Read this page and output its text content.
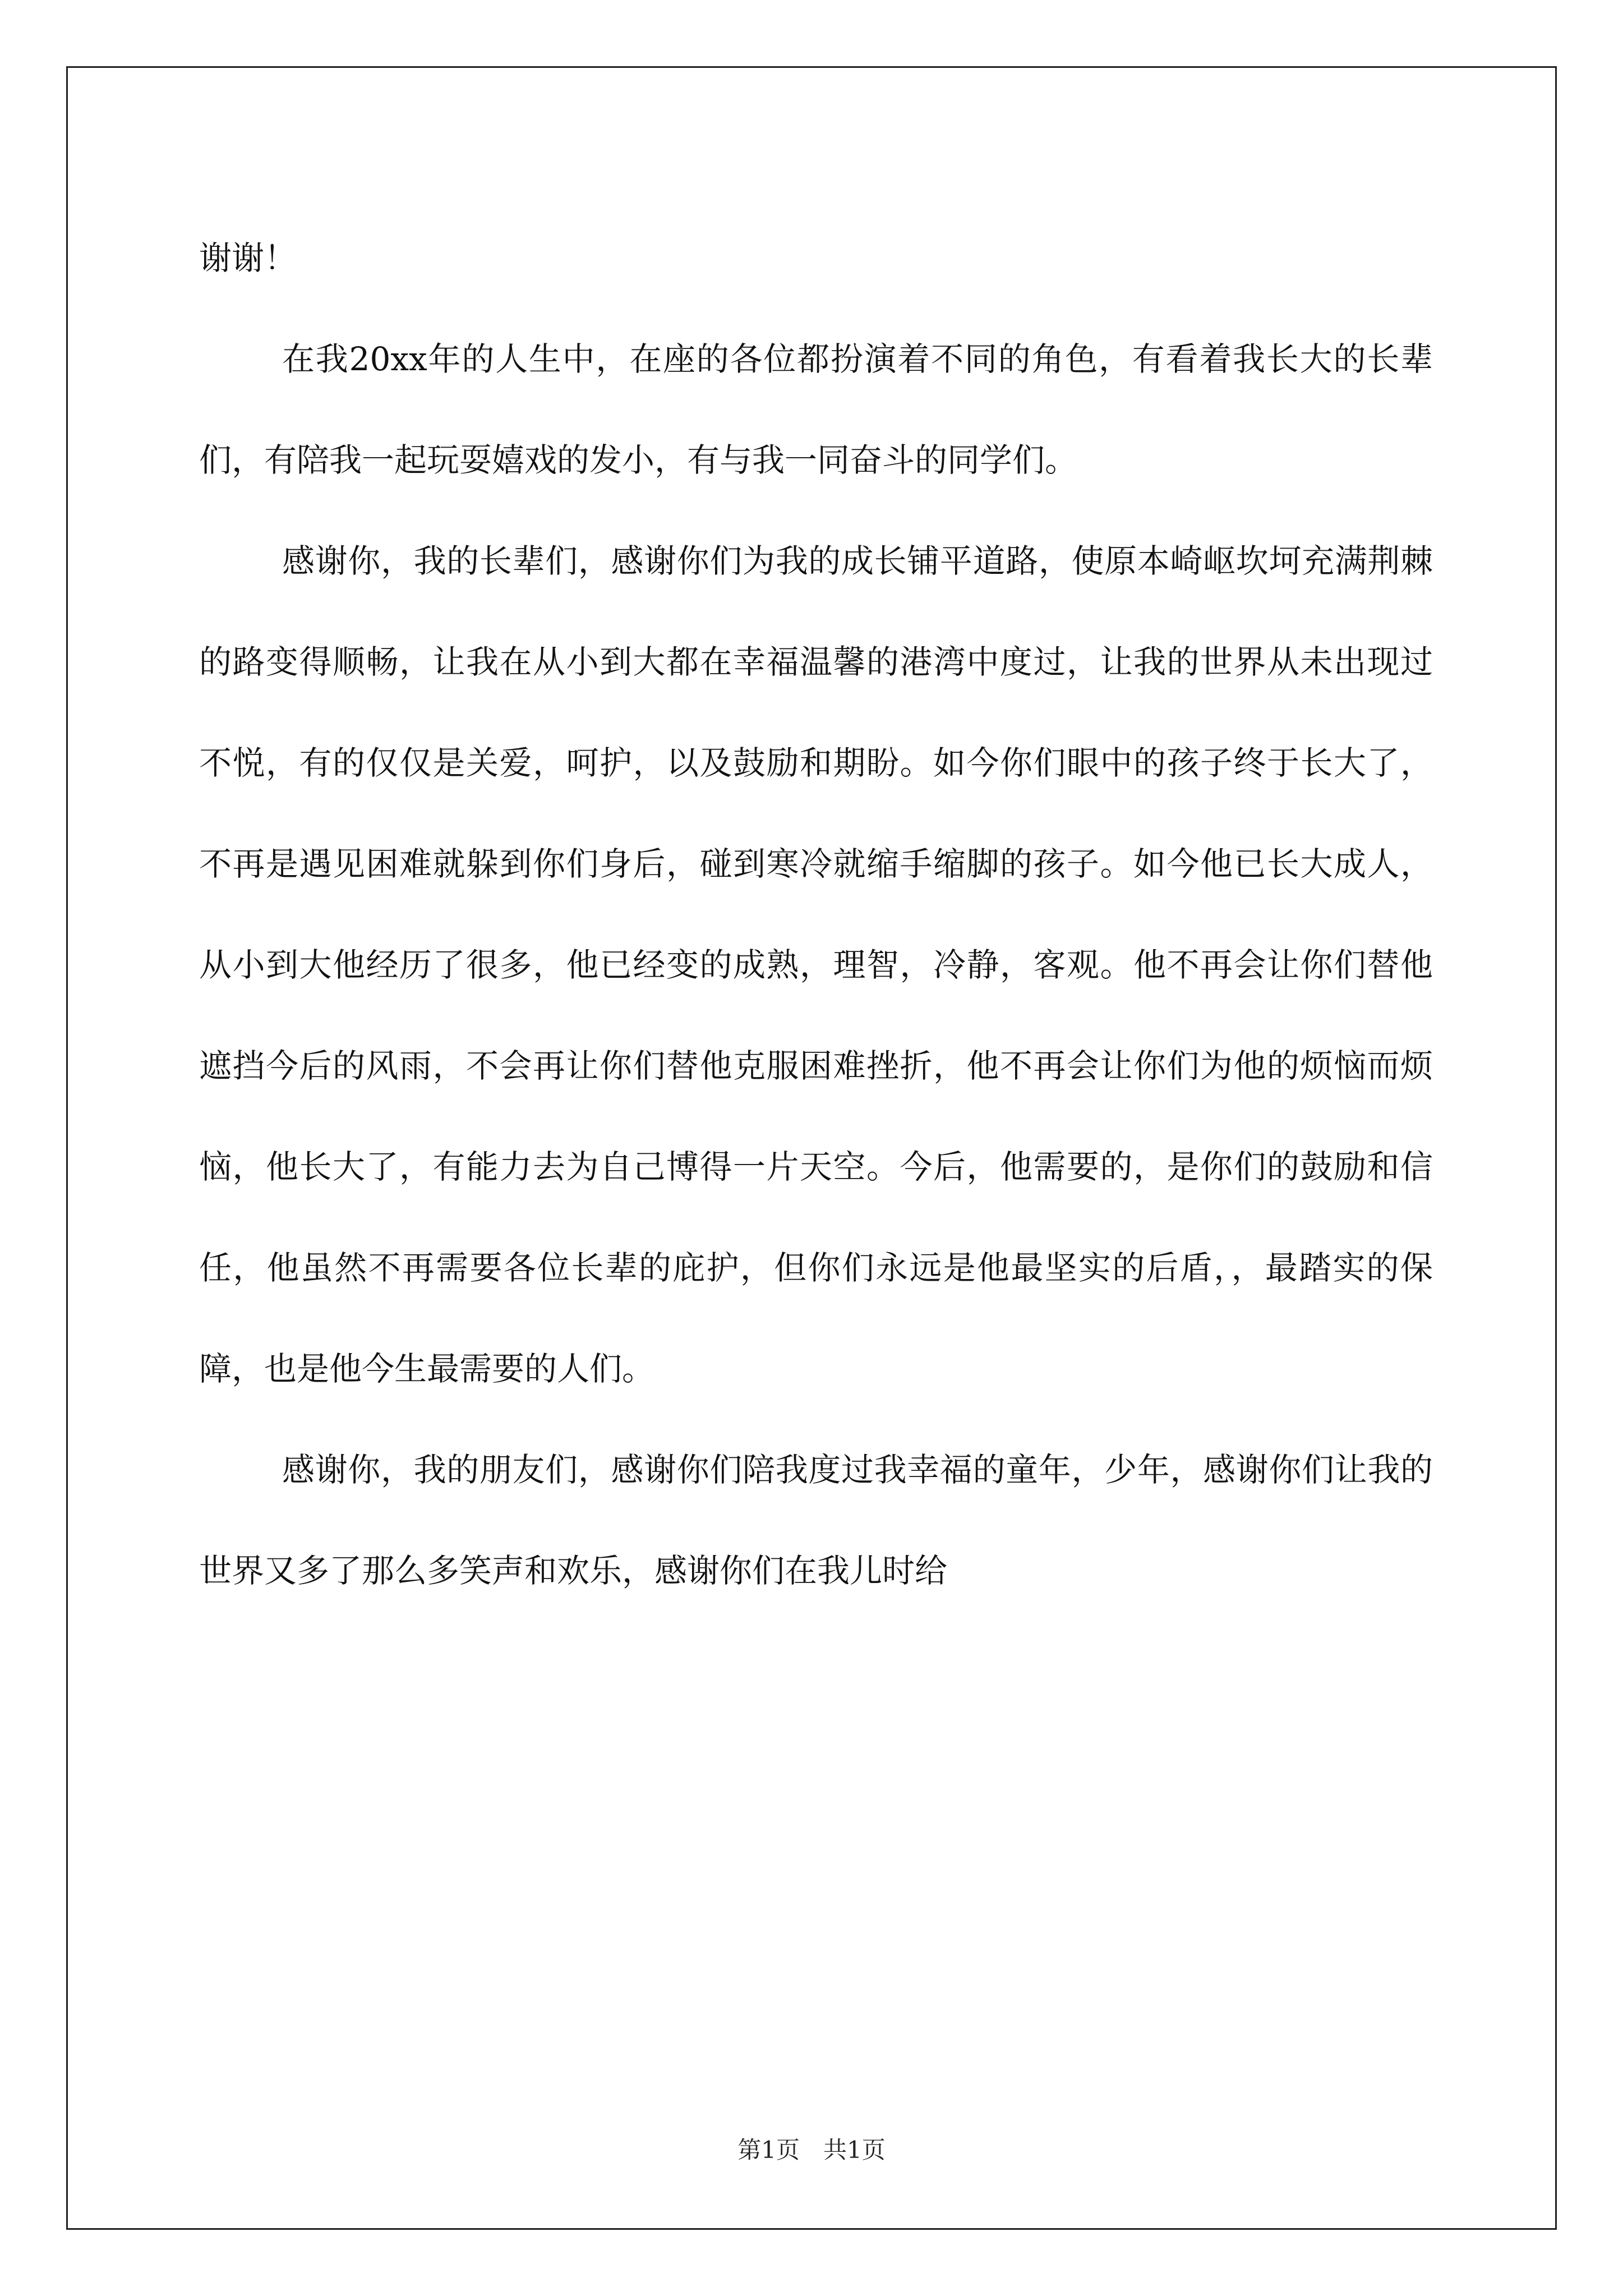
谢谢！

在我20xx年的人生中，在座的各位都扮演着不同的角色，有看着我长大的长辈们，有陪我一起玩耍嬉戏的发小，有与我一同奋斗的同学们。

感谢你，我的长辈们，感谢你们为我的成长铺平道路，使原本崎岖坎坷充满荆棘的路变得顺畅，让我在从小到大都在幸福温馨的港湾中度过，让我的世界从未出现过不悦，有的仅仅是关爱，呵护，以及鼓励和期盼。如今你们眼中的孩子终于长大了，不再是遇见困难就躲到你们身后，碰到寒冷就缩手缩脚的孩子。如今他已长大成人，从小到大他经历了很多，他已经变的成熟，理智，冷静，客观。他不再会让你们替他遮挡今后的风雨，不会再让你们替他克服困难挫折，他不再会让你们为他的烦恼而烦恼，他长大了，有能力去为自己博得一片天空。今后，他需要的，是你们的鼓励和信任，他虽然不再需要各位长辈的庇护，但你们永远是他最坚实的后盾，，最踏实的保障，也是他今生最需要的人们。

感谢你，我的朋友们，感谢你们陪我度过我幸福的童年，少年，感谢你们让我的世界又多了那么多笑声和欢乐，感谢你们在我儿时给

第1页　共1页
